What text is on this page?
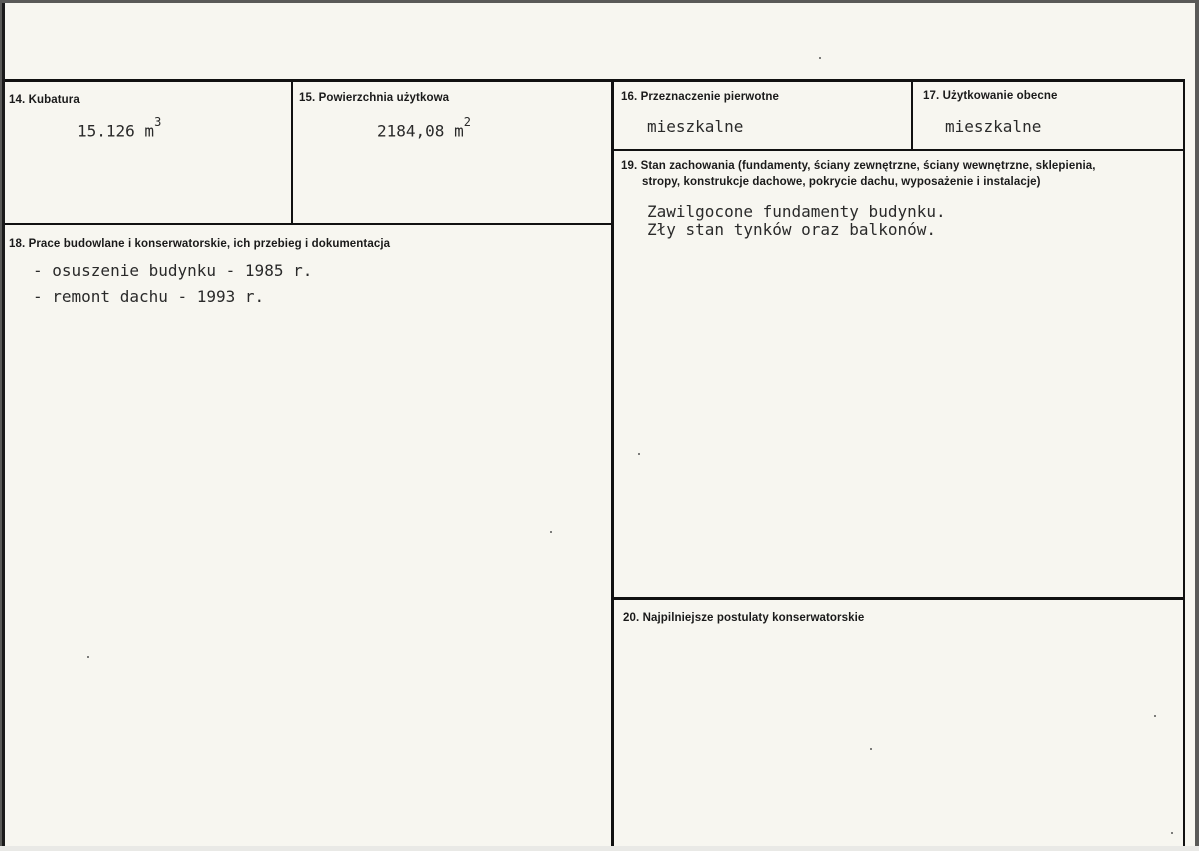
14. Kubatura
15.126 $m^3$
15. Powierzchnia użytkowa
2184,08 $m^2$
16. Przeznaczenie pierwotne
mieszkalne
17. Użytkowanie obecne
mieszkalne
18. Prace budowlane i konserwatorskie, ich przebieg i dokumentacja
- osuszenie budynku - 1985 r.
- remont dachu - 1993 r.
19. Stan zachowania (fundamenty, ściany zewnętrzne, ściany wewnętrzne, sklepienia,
stropy, konstrukcje dachowe, pokrycie dachu, wyposażenie i instalacje)
Zawilgocone fundamenty budynku.
Zły stan tynków oraz balkonów.
20. Najpilniejsze postulaty konserwatorskie
